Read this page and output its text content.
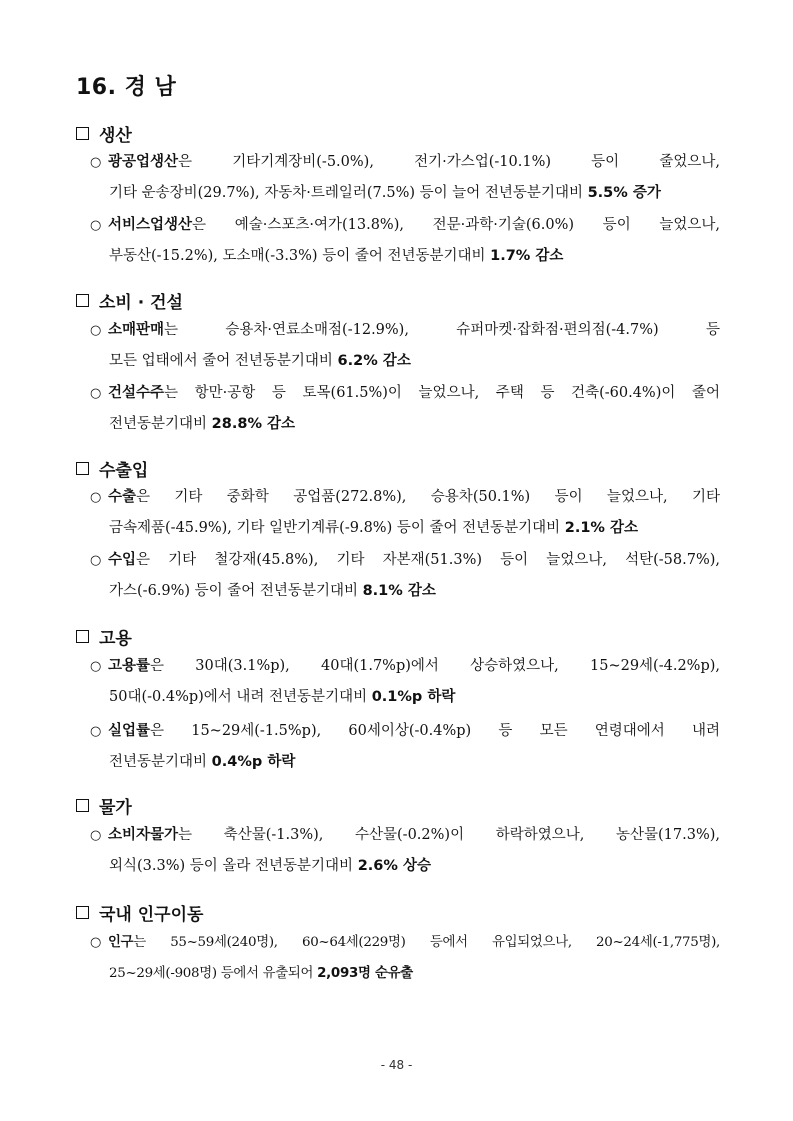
16. 경 남
생산
○ 광공업생산은 기타기계장비(-5.0%), 전기·가스업(-10.1%) 등이 줄었으나,
기타 운송장비(29.7%), 자동차·트레일러(7.5%) 등이 늘어 전년동분기대비 5.5% 증가
○ 서비스업생산은 예술·스포츠·여가(13.8%), 전문·과학·기술(6.0%) 등이 늘었으나,
부동산(-15.2%), 도소매(-3.3%) 등이 줄어 전년동분기대비 1.7% 감소
소비 · 건설
○ 소매판매는 승용차·연료소매점(-12.9%), 슈퍼마켓·잡화점·편의점(-4.7%) 등
모든 업태에서 줄어 전년동분기대비 6.2% 감소
○ 건설수주는 항만·공항 등 토목(61.5%)이 늘었으나, 주택 등 건축(-60.4%)이 줄어
전년동분기대비 28.8% 감소
수출입
○ 수출은 기타 중화학 공업품(272.8%), 승용차(50.1%) 등이 늘었으나, 기타
금속제품(-45.9%), 기타 일반기계류(-9.8%) 등이 줄어 전년동분기대비 2.1% 감소
○ 수입은 기타 철강재(45.8%), 기타 자본재(51.3%) 등이 늘었으나, 석탄(-58.7%),
가스(-6.9%) 등이 줄어 전년동분기대비 8.1% 감소
고용
○ 고용률은 30대(3.1%p), 40대(1.7%p)에서 상승하였으나, 15~29세(-4.2%p),
50대(-0.4%p)에서 내려 전년동분기대비 0.1%p 하락
○ 실업률은 15~29세(-1.5%p), 60세이상(-0.4%p) 등 모든 연령대에서 내려
전년동분기대비 0.4%p 하락
물가
○ 소비자물가는 축산물(-1.3%), 수산물(-0.2%)이 하락하였으나, 농산물(17.3%),
외식(3.3%) 등이 올라 전년동분기대비 2.6% 상승
국내 인구이동
○ 인구는 55~59세(240명), 60~64세(229명) 등에서 유입되었으나, 20~24세(-1,775명),
25~29세(-908명) 등에서 유출되어 2,093명 순유출
- 48 -
